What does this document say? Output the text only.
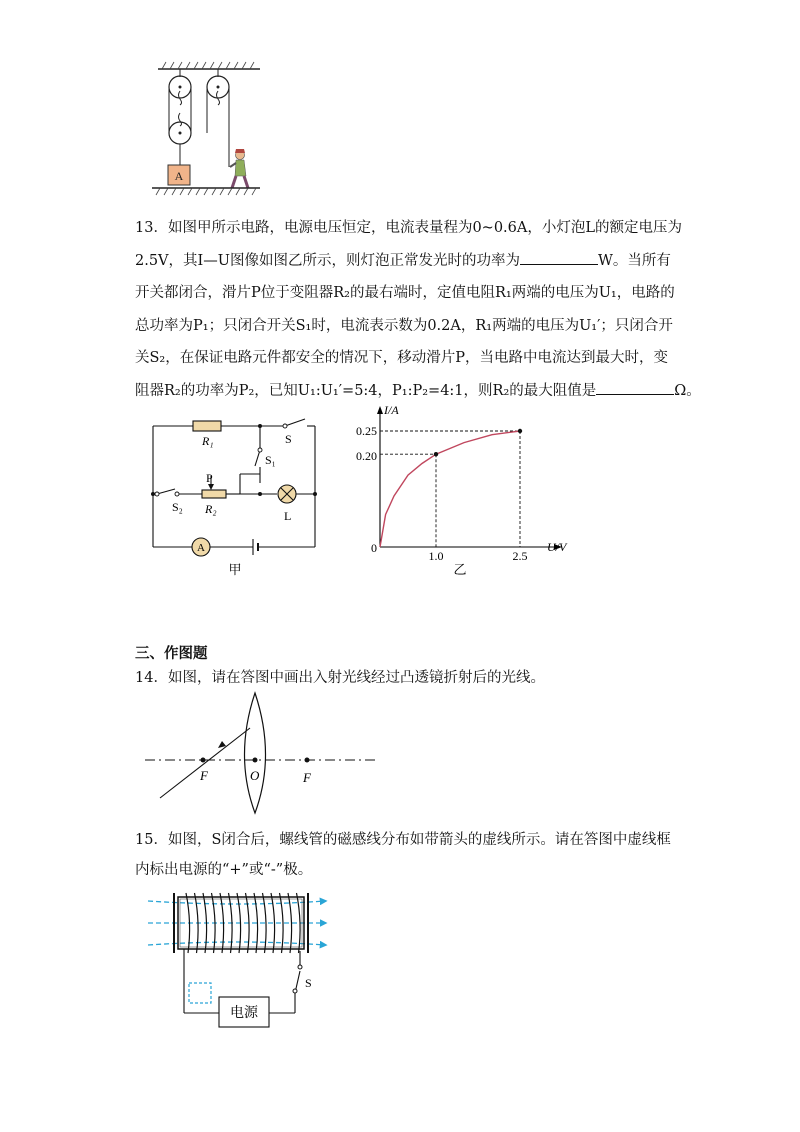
A
13．如图甲所示电路，电源电压恒定，电流表量程为0~0.6A，小灯泡L的额定电压为
2.5V，其I—U图像如图乙所示，则灯泡正常发光时的功率为	W。当所有
开关都闭合，滑片P位于变阻器R₂的最右端时，定值电阻R₁两端的电压为U₁，电路的
总功率为P₁；只闭合开关S₁时，电流表示数为0.2A，R₁两端的电压为U₁′；只闭合开
关S₂，在保证电路元件都安全的情况下，移动滑片P，当电路中电流达到最大时，变
阻器R₂的功率为P₂，已知U₁:U₁′=5:4，P₁:P₂=4:1，则R₂的最大阻值是	Ω。
R₁	S
S₁
P
S₂ R₂	L
A
甲
I/A
U/V
0.25
0.20
1.0	2.5
0
乙
三、作图题
14．如图，请在答图中画出入射光线经过凸透镜折射后的光线。
F	O	F
15．如图，S闭合后，螺线管的磁感线分布如带箭头的虚线所示。请在答图中虚线框
内标出电源的“+”或“-”极。
S
电源
